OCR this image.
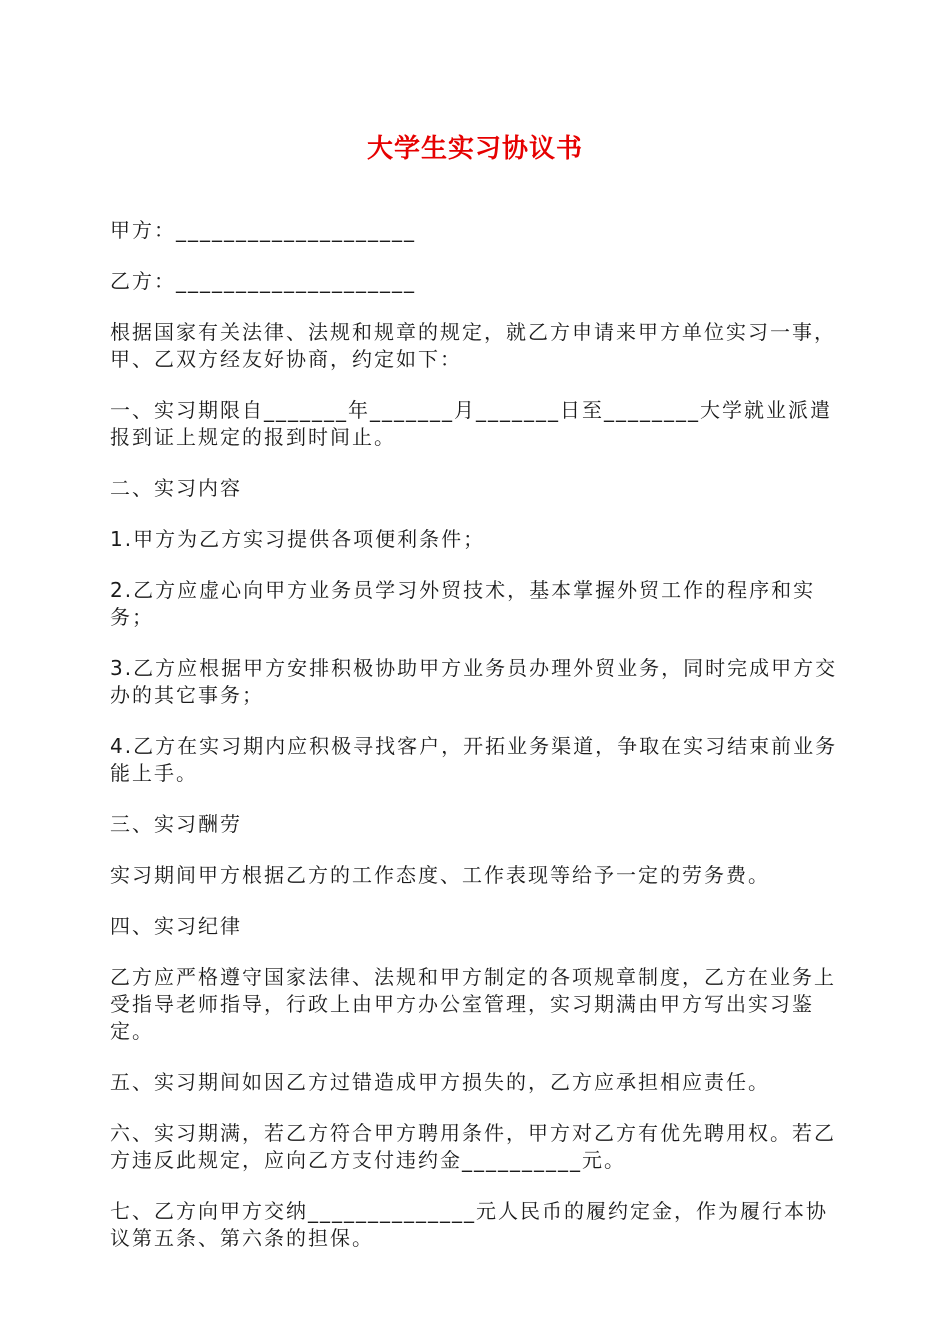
大学生实习协议书

甲方：____________________

乙方：____________________

根据国家有关法律、法规和规章的规定，就乙方申请来甲方单位实习一事，甲、乙双方经友好协商，约定如下：

一、实习期限自_______年_______月_______日至________大学就业派遣报到证上规定的报到时间止。

二、实习内容

1.甲方为乙方实习提供各项便利条件；

2.乙方应虚心向甲方业务员学习外贸技术，基本掌握外贸工作的程序和实务；

3.乙方应根据甲方安排积极协助甲方业务员办理外贸业务，同时完成甲方交办的其它事务；

4.乙方在实习期内应积极寻找客户，开拓业务渠道，争取在实习结束前业务能上手。

三、实习酬劳

实习期间甲方根据乙方的工作态度、工作表现等给予一定的劳务费。

四、实习纪律

乙方应严格遵守国家法律、法规和甲方制定的各项规章制度，乙方在业务上受指导老师指导，行政上由甲方办公室管理，实习期满由甲方写出实习鉴定。

五、实习期间如因乙方过错造成甲方损失的，乙方应承担相应责任。

六、实习期满，若乙方符合甲方聘用条件，甲方对乙方有优先聘用权。若乙方违反此规定，应向乙方支付违约金__________元。

七、乙方向甲方交纳______________元人民币的履约定金，作为履行本协议第五条、第六条的担保。
